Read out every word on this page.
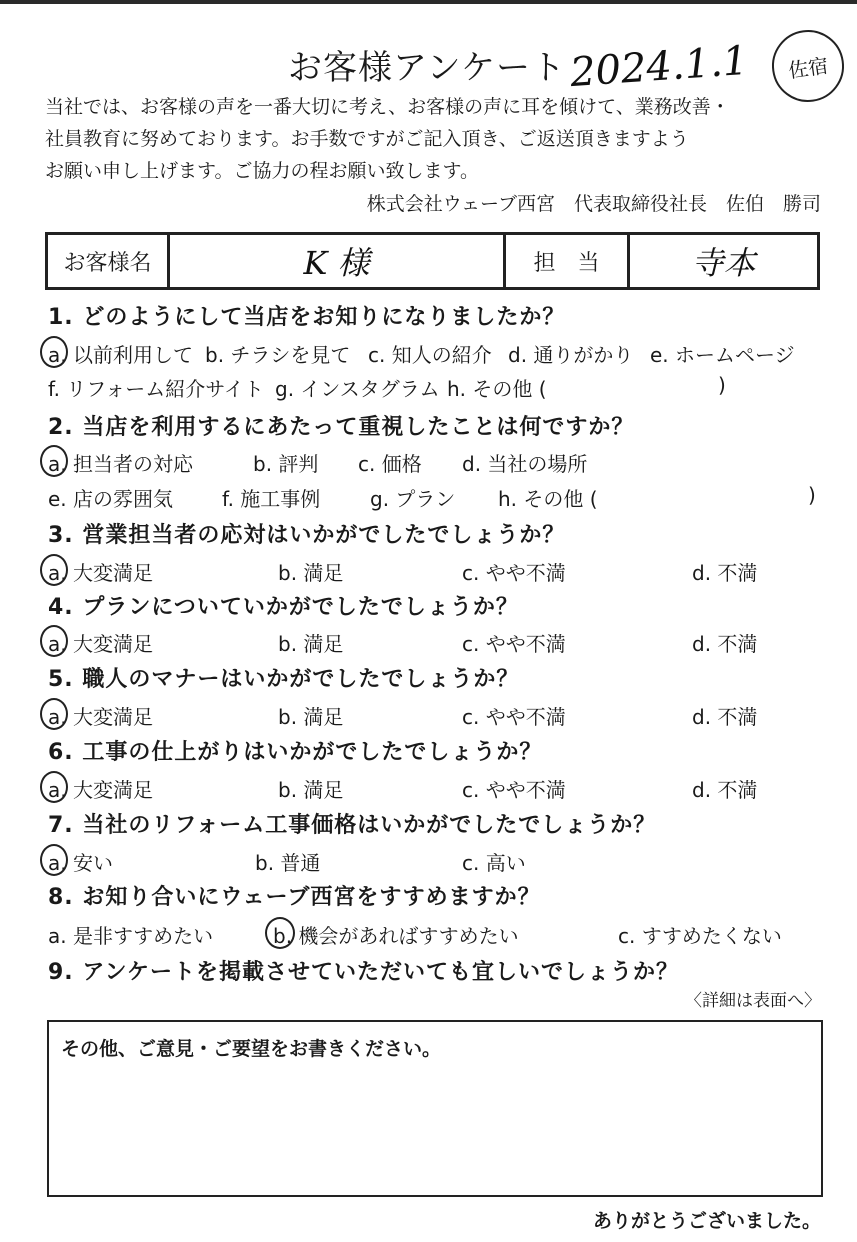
お客様アンケート 2024.1.1 佐宿
当社では、お客様の声を一番大切に考え、お客様の声に耳を傾けて、業務改善・
社員教育に努めております。お手数ですがご記入頂き、ご返送頂きますよう
お願い申し上げます。ご協力の程お願い致します。
株式会社ウェーブ西宮　代表取締役社長　佐伯　勝司
お客様名	K 様	担　当	寺本
1. どのようにして当店をお知りになりましたか？
a. 以前利用して b. チラシを見て c. 知人の紹介 d. 通りがかり e. ホームページ
f. リフォーム紹介サイト g. インスタグラム h. その他 (	)
2. 当店を利用するにあたって重視したことは何ですか？
a. 担当者の対応	b. 評判 c. 価格 d. 当社の場所
e. 店の雰囲気 f. 施工事例 g. プラン h. その他 (	)
3. 営業担当者の応対はいかがでしたでしょうか？
a. 大変満足	b. 満足	c. やや不満	d. 不満
4. プランについていかがでしたでしょうか？
a. 大変満足	b. 満足	c. やや不満	d. 不満
5. 職人のマナーはいかがでしたでしょうか？
a. 大変満足	b. 満足	c. やや不満	d. 不満
6. 工事の仕上がりはいかがでしたでしょうか？
a. 大変満足	b. 満足	c. やや不満	d. 不満
7. 当社のリフォーム工事価格はいかがでしたでしょうか？
a. 安い	b. 普通	c. 高い
8. お知り合いにウェーブ西宮をすすめますか？
a. 是非すすめたい	b. 機会があればすすめたい	c. すすめたくない
9. アンケートを掲載させていただいても宜しいでしょうか？
〈詳細は表面へ〉
その他、ご意見・ご要望をお書きください。
ありがとうございました。
